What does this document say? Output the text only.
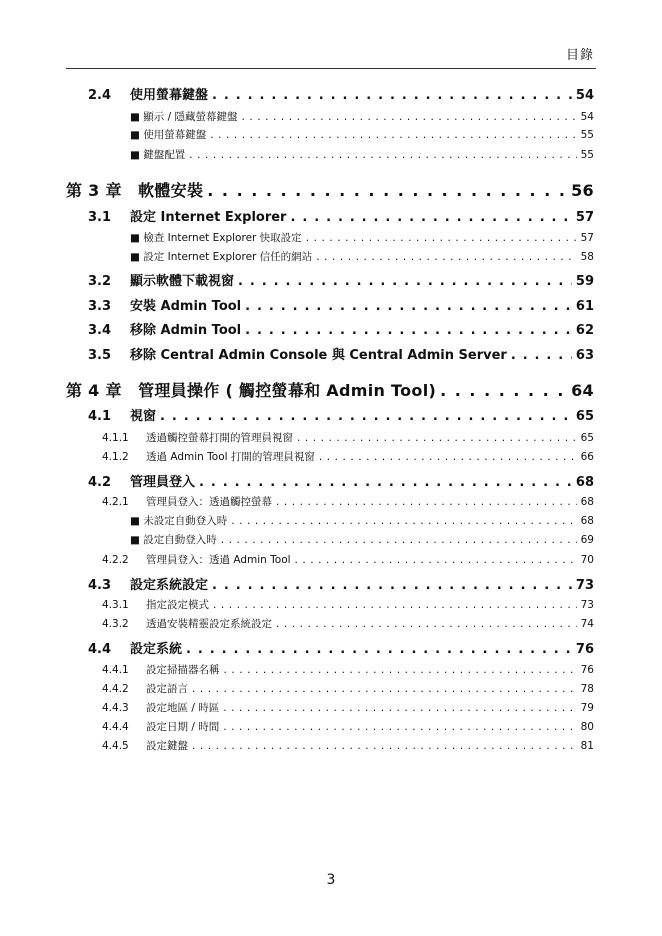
目錄
2.4	使用螢幕鍵盤 . . .	54
■ 顯示 / 隱藏螢幕鍵盤 . . .	54
■ 使用螢幕鍵盤 . . .	55
■ 鍵盤配置 . . .	55
第 3 章　軟體安裝 . . .	56
3.1	設定 Internet Explorer . . .	57
■ 檢查 Internet Explorer 快取設定 . . .	57
■ 設定 Internet Explorer 信任的網站 . . .	58
3.2	顯示軟體下載視窗 . . .	59
3.3	安裝 Admin Tool . . .	61
3.4	移除 Admin Tool . . .	62
3.5	移除 Central Admin Console 與 Central Admin Server . . .	63
第 4 章　管理員操作 ( 觸控螢幕和 Admin Tool) . . .	64
4.1	視窗 . . .	65
4.1.1	透過觸控螢幕打開的管理員視窗 . . .	65
4.1.2	透過 Admin Tool 打開的管理員視窗 . . .	66
4.2	管理員登入 . . .	68
4.2.1	管理員登入：透過觸控螢幕 . . .	68
■ 未設定自動登入時 . . .	68
■ 設定自動登入時 . . .	69
4.2.2	管理員登入：透過 Admin Tool . . .	70
4.3	設定系統設定 . . .	73
4.3.1	指定設定模式 . . .	73
4.3.2	透過安裝精靈設定系統設定 . . .	74
4.4	設定系統 . . .	76
4.4.1	設定掃描器名稱 . . .	76
4.4.2	設定語言 . . .	78
4.4.3	設定地區 / 時區 . . .	79
4.4.4	設定日期 / 時間 . . .	80
4.4.5	設定鍵盤 . . .	81
3
